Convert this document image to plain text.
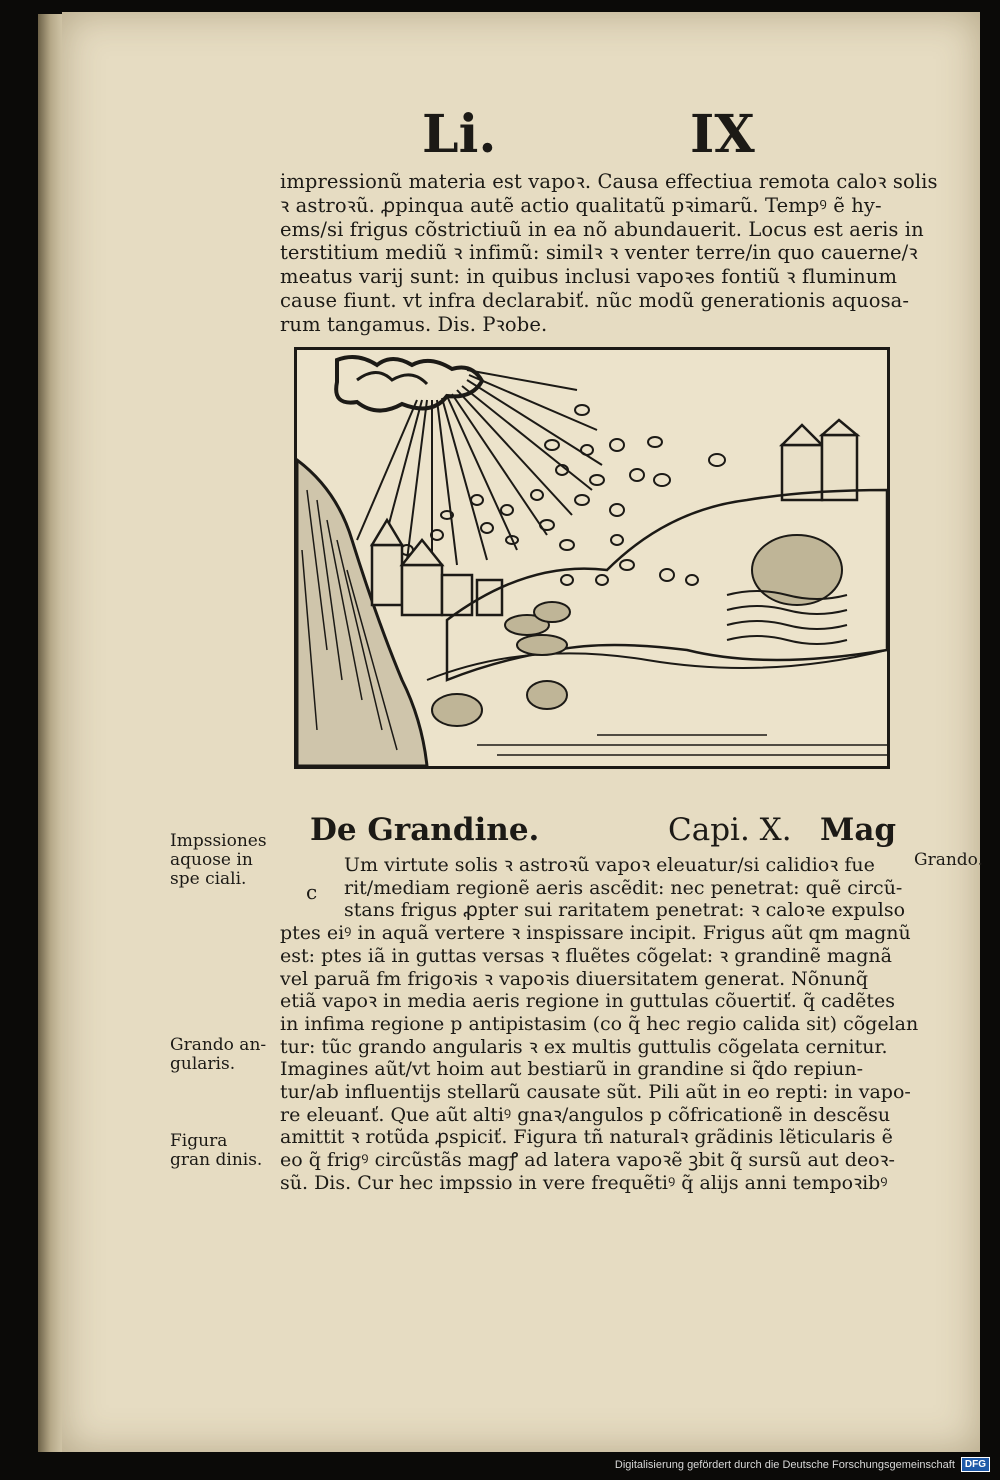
Li.	IX
impressionũ materia est vapoꝛ. Causa effectiua remota caloꝛ solis
ꝛ astroꝛũ. ꝓpinqua autẽ actio qualitatũ pꝛimarũ. Tempꝰ ẽ hy-
ems/si frigus cõstrictiuũ in ea nõ abundauerit. Locus est aeris in
terstitium mediũ ꝛ infimũ: similꝛ ꝛ venter terre/in quo cauerne/ꝛ
meatus varij sunt: in quibus inclusi vapoꝛes fontiũ ꝛ fluminum
cause fiunt. vt infra declarabiť. nũc modũ generationis aquosa-
rum tangamus. Dis. Pꝛobe.
De Grandine.	Capi. X. Mag
Impssiones aquose in spe ciali.
Grando an- gularis.
Figura gran dinis.
Grando.
c
Um virtute solis ꝛ astroꝛũ vapoꝛ eleuatur/si calidioꝛ fue
rit/mediam regionẽ aeris ascẽdit: nec penetrat: quẽ circũ-
stans frigus ꝓpter sui raritatem penetrat: ꝛ caloꝛe expulso
ptes eiꝰ in aquã vertere ꝛ inspissare incipit. Frigus aũt qm magnũ
est: ptes iã in guttas versas ꝛ fluẽtes cõgelat: ꝛ grandinẽ magnã
vel paruã fm frigoꝛis ꝛ vapoꝛis diuersitatem generat. Nõnunq̃
etiã vapoꝛ in media aeris regione in guttulas cõuertiť. q̃ cadẽtes
in infima regione p antipistasim (co q̃ hec regio calida sit) cõgelan
tur: tũc grando angularis ꝛ ex multis guttulis cõgelata cernitur.
Imagines aũt/vt hoim aut bestiarũ in grandine si q̃do repiun-
tur/ab influentijs stellarũ causate sũt. Pili aũt in eo repti: in vapo-
re eleuanť. Que aũt altiꝰ gnaꝛ/angulos p cõfricationẽ in descẽsu
amittit ꝛ rotũda ꝓspiciť. Figura tñ naturalꝛ grãdinis lẽticularis ẽ
eo q̃ frigꝰ circũstãs magꝭ ad latera vapoꝛẽ ꝫbit q̃ sursũ aut deoꝛ-
sũ. Dis. Cur hec impssio in vere frequẽtiꝰ q̃ alijs anni tempoꝛibꝰ
Digitalisierung gefördert durch die Deutsche Forschungsgemeinschaft	DFG
